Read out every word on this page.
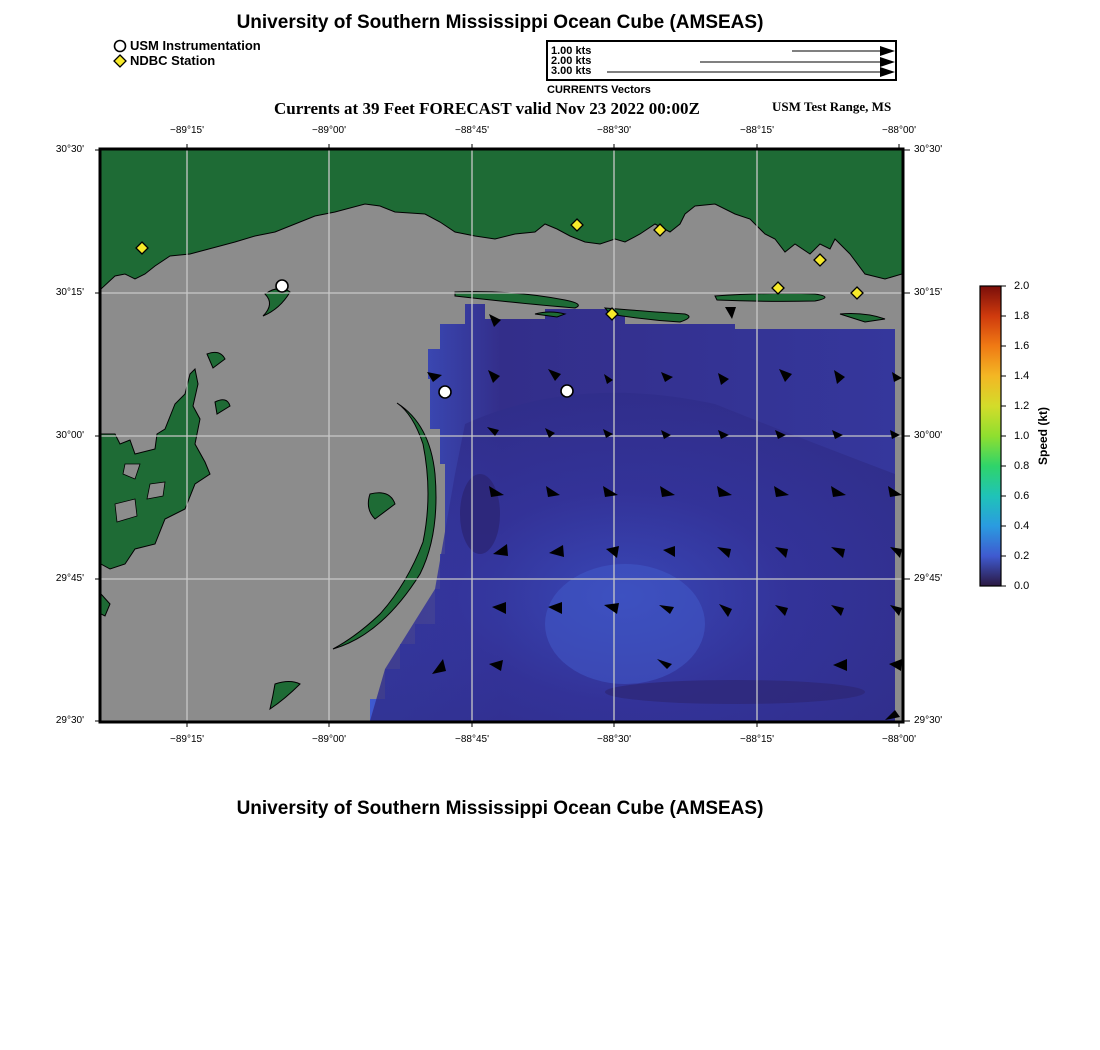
University of Southern Mississippi Ocean Cube (AMSEAS)
USM Instrumentation
NDBC Station
1.00 kts
2.00 kts
3.00 kts
CURRENTS Vectors
Currents at 39 Feet FORECAST valid Nov 23 2022 00:00Z	USM Test Range, MS
−89°15'	−89°00'	−88°45'	−88°30'	−88°15'	−88°00'
−89°15'	−89°00'	−88°45'	−88°30'	−88°15'	−88°00'
30°30'
30°15'
30°00'
29°45'
29°30'
30°30'
30°15'
30°00'
29°45'
29°30'
2.0
1.8
1.6
1.4
1.2
1.0
0.8
0.6
0.4
0.2
0.0
Speed (kt)
University of Southern Mississippi Ocean Cube (AMSEAS)
